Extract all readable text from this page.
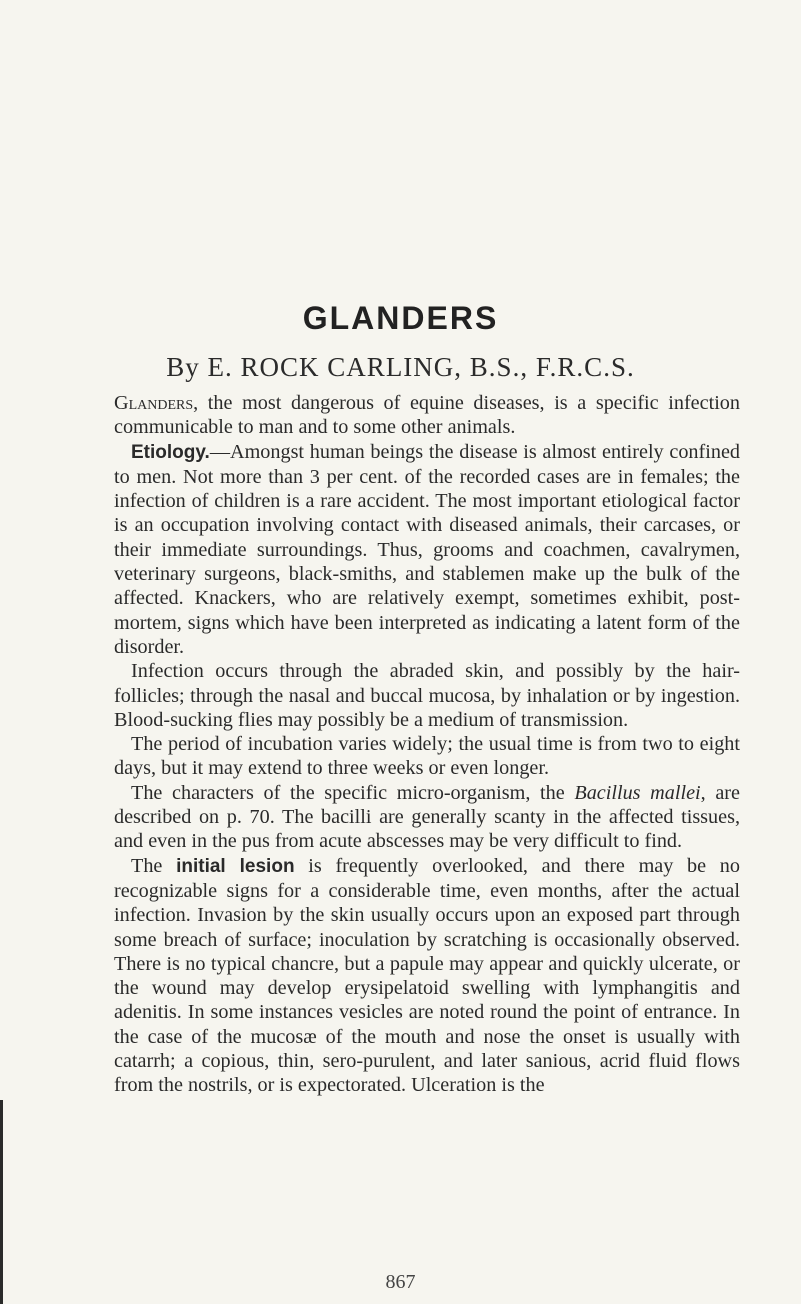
GLANDERS
By E. ROCK CARLING, B.S., F.R.C.S.

Glanders, the most dangerous of equine diseases, is a specific infection communicable to man and to some other animals.

Etiology.—Amongst human beings the disease is almost entirely confined to men. Not more than 3 per cent. of the recorded cases are in females; the infection of children is a rare accident. The most important etiological factor is an occupation involving contact with diseased animals, their carcases, or their immediate surroundings. Thus, grooms and coachmen, cavalrymen, veterinary surgeons, black-smiths, and stablemen make up the bulk of the affected. Knackers, who are relatively exempt, sometimes exhibit, post-mortem, signs which have been interpreted as indicating a latent form of the disorder.

Infection occurs through the abraded skin, and possibly by the hair-follicles; through the nasal and buccal mucosa, by inhalation or by ingestion. Blood-sucking flies may possibly be a medium of transmission.

The period of incubation varies widely; the usual time is from two to eight days, but it may extend to three weeks or even longer.

The characters of the specific micro-organism, the Bacillus mallei, are described on p. 70. The bacilli are generally scanty in the affected tissues, and even in the pus from acute abscesses may be very difficult to find.

The initial lesion is frequently overlooked, and there may be no recognizable signs for a considerable time, even months, after the actual infection. Invasion by the skin usually occurs upon an exposed part through some breach of surface; inoculation by scratching is occasionally observed. There is no typical chancre, but a papule may appear and quickly ulcerate, or the wound may develop erysipelatoid swelling with lymphangitis and adenitis. In some instances vesicles are noted round the point of entrance. In the case of the mucosæ of the mouth and nose the onset is usually with catarrh; a copious, thin, sero-purulent, and later sanious, acrid fluid flows from the nostrils, or is expectorated. Ulceration is the

867
